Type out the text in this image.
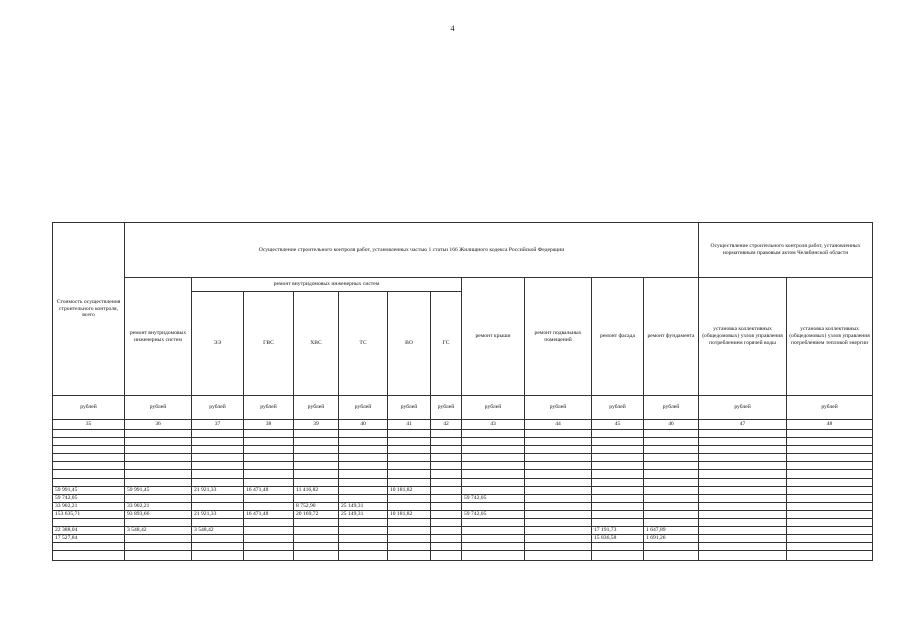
4
Стоимость осуществления строительного контроля, всего	Осуществление строительного контроля работ, установленных частью 1 статьи 166 Жилищного кодекса Российской Федерации											Осуществление строительного контроля работ, установленных нормативным правовым актом Челябинской области	
	ремонт внутридомовых инженерных систем	ремонт внутридомовых инженерных систем						ремонт крыши	ремонт подвальных помещений	ремонт фасада	ремонт фундамента	установка коллективных (общедомовых) узлов управления потреблением горячей воды	установка коллективных (общедомовых) узлов управления потреблением тепловой энергии
		ЭЭ	ГВС	ХВС	ТС	ВО	ГС						
рублей	рублей	рублей	рублей	рублей	рублей	рублей	рублей	рублей	рублей	рублей	рублей	рублей	рублей
35	36	37	38	39	40	41	42	43	44	45	46	47	48

59 991,45	59 991,45	21 921,33	16 471,48	11 416,82		10 181,82							
59 742,05								59 742,05					
33 902,21	33 902,21			8 752,90	25 149,31								
153 635,71	93 893,66	21 921,33	16 471,48	20 169,72	25 149,31	10 181,82		59 742,05					

22 388,04	3 548,42	3 548,42								17 191,73	1 647,89		
17 527,84										15 836,58	1 691,26		
